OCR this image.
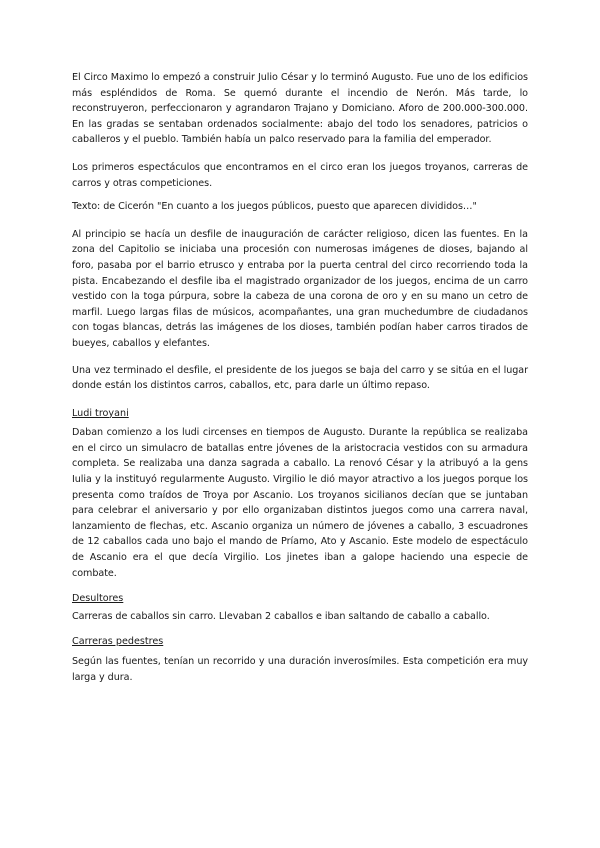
El Circo Maximo lo empezó a construir Julio César y lo terminó Augusto. Fue uno de los edificios más espléndidos de Roma. Se quemó durante el incendio de Nerón. Más tarde, lo reconstruyeron, perfeccionaron y agrandaron Trajano y Domiciano. Aforo de 200.000-300.000. En las gradas se sentaban ordenados socialmente: abajo del todo los senadores, patricios o caballeros y el pueblo. También había un palco reservado para la familia del emperador.

Los primeros espectáculos que encontramos en el circo eran los juegos troyanos, carreras de carros y otras competiciones.

Texto: de Cicerón "En cuanto a los juegos públicos, puesto que aparecen divididos…"

Al principio se hacía un desfile de inauguración de carácter religioso, dicen las fuentes. En la zona del Capitolio se iniciaba una procesión con numerosas imágenes de dioses, bajando al foro, pasaba por el barrio etrusco y entraba por la puerta central del circo recorriendo toda la pista. Encabezando el desfile iba el magistrado organizador de los juegos, encima de un carro vestido con la toga púrpura, sobre la cabeza de una corona de oro y en su mano un cetro de marfil. Luego largas filas de músicos, acompañantes, una gran muchedumbre de ciudadanos con togas blancas, detrás las imágenes de los dioses, también podían haber carros tirados de bueyes, caballos y elefantes.

Una vez terminado el desfile, el presidente de los juegos se baja del carro y se sitúa en el lugar donde están los distintos carros, caballos, etc, para darle un último repaso.

Ludi troyani

Daban comienzo a los ludi circenses en tiempos de Augusto. Durante la república se realizaba en el circo un simulacro de batallas entre jóvenes de la aristocracia vestidos con su armadura completa. Se realizaba una danza sagrada a caballo. La renovó César y la atribuyó a la gens Iulia y la instituyó regularmente Augusto. Virgilio le dió mayor atractivo a los juegos porque los presenta como traídos de Troya por Ascanio. Los troyanos sicilianos decían que se juntaban para celebrar el aniversario y por ello organizaban distintos juegos como una carrera naval, lanzamiento de flechas, etc. Ascanio organiza un número de jóvenes a caballo, 3 escuadrones de 12 caballos cada uno bajo el mando de Príamo, Ato y Ascanio. Este modelo de espectáculo de Ascanio era el que decía Virgilio. Los jinetes iban a galope haciendo una especie de combate.

Desultores

Carreras de caballos sin carro. Llevaban 2 caballos e iban saltando de caballo a caballo.

Carreras pedestres

Según las fuentes, tenían un recorrido y una duración inverosímiles. Esta competición era muy larga y dura.
